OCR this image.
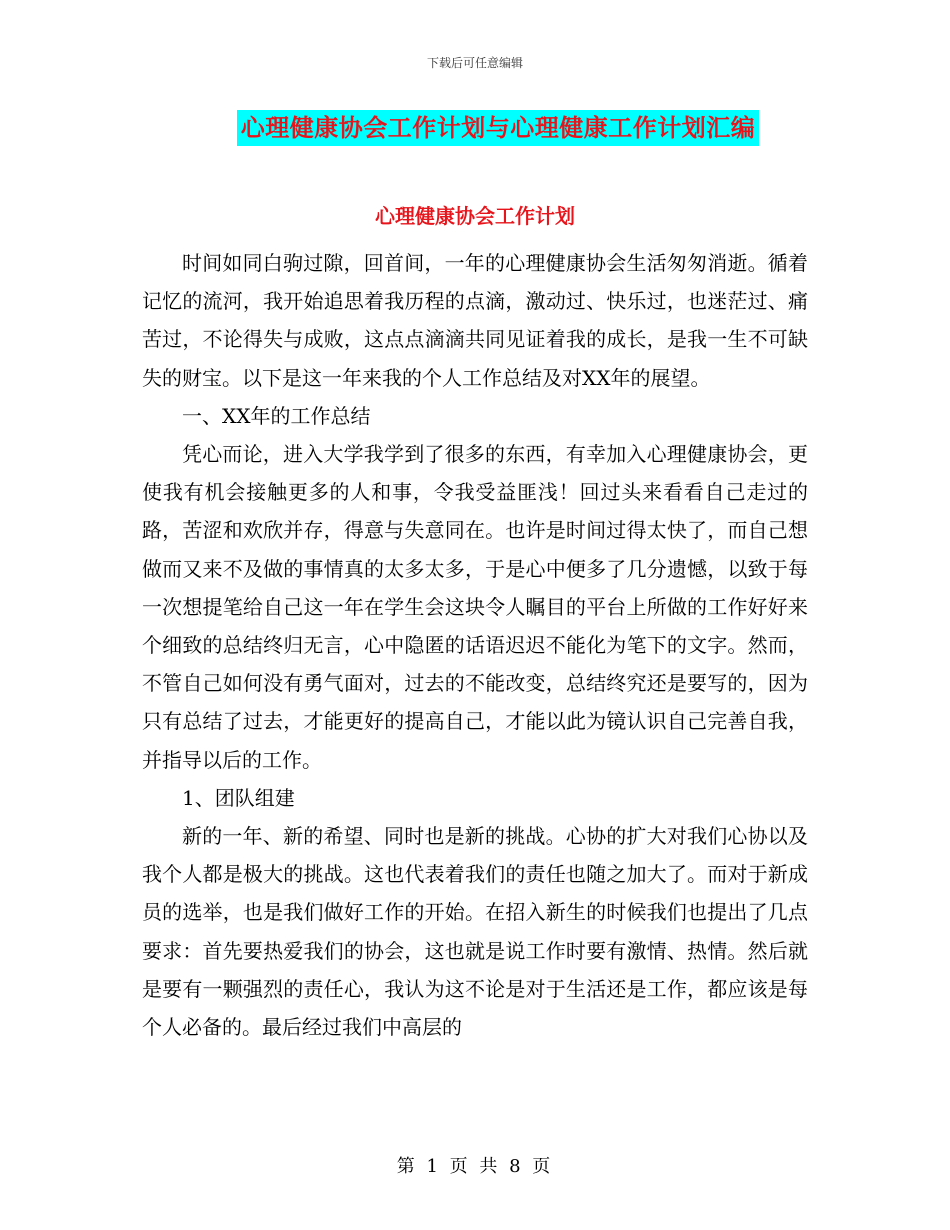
下载后可任意编辑
心理健康协会工作计划与心理健康工作计划汇编
心理健康协会工作计划

时间如同白驹过隙，回首间，一年的心理健康协会生活匆匆消逝。循着记忆的流河，我开始追思着我历程的点滴，激动过、快乐过，也迷茫过、痛苦过，不论得失与成败，这点点滴滴共同见证着我的成长，是我一生不可缺失的财宝。以下是这一年来我的个人工作总结及对XX年的展望。

一、XX年的工作总结

凭心而论，进入大学我学到了很多的东西，有幸加入心理健康协会，更使我有机会接触更多的人和事，令我受益匪浅！回过头来看看自己走过的路，苦涩和欢欣并存，得意与失意同在。也许是时间过得太快了，而自己想做而又来不及做的事情真的太多太多，于是心中便多了几分遗憾，以致于每一次想提笔给自己这一年在学生会这块令人瞩目的平台上所做的工作好好来个细致的总结终归无言，心中隐匿的话语迟迟不能化为笔下的文字。然而，不管自己如何没有勇气面对，过去的不能改变，总结终究还是要写的，因为只有总结了过去，才能更好的提高自己，才能以此为镜认识自己完善自我，并指导以后的工作。

1、团队组建

新的一年、新的希望、同时也是新的挑战。心协的扩大对我们心协以及我个人都是极大的挑战。这也代表着我们的责任也随之加大了。而对于新成员的选举，也是我们做好工作的开始。在招入新生的时候我们也提出了几点要求：首先要热爱我们的协会，这也就是说工作时要有激情、热情。然后就是要有一颗强烈的责任心，我认为这不论是对于生活还是工作，都应该是每个人必备的。最后经过我们中高层的

第 1 页 共 8 页
